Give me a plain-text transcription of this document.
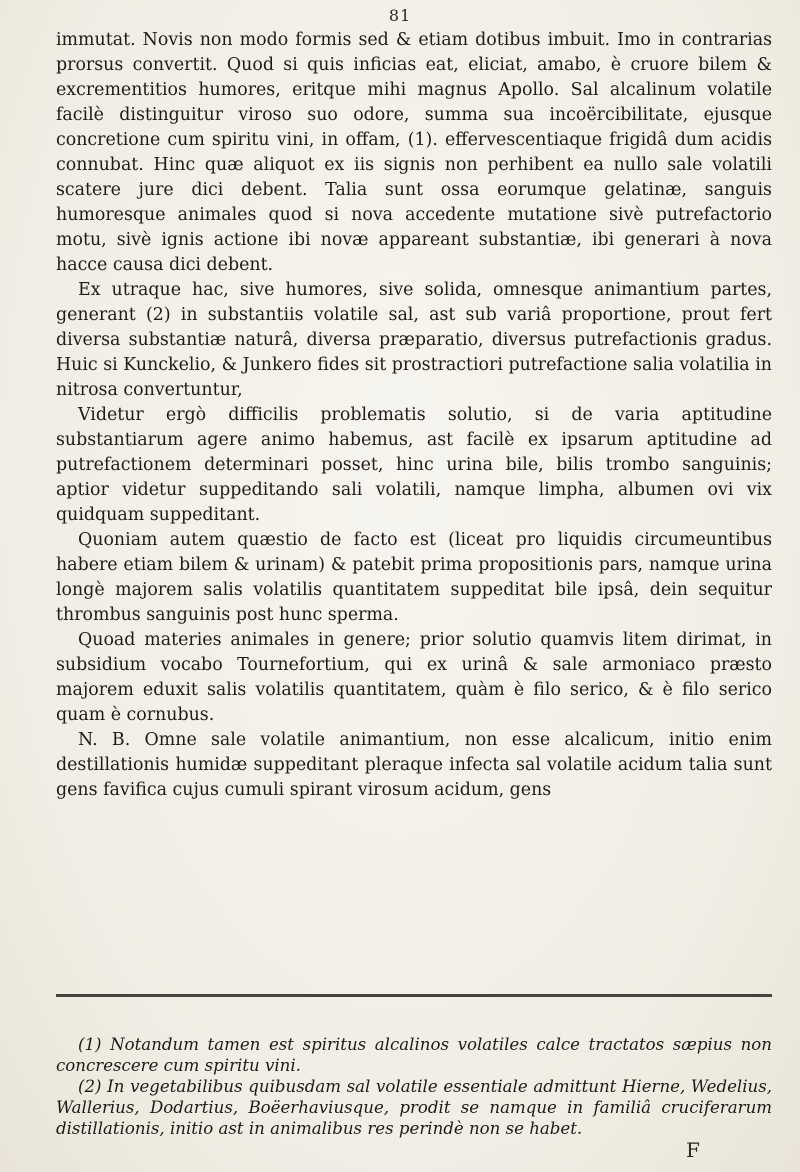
81

immutat. Novis non modo formis sed & etiam dotibus imbuit. Imo in contrarias prorsus convertit. Quod si quis inficias eat, eliciat, amabo, è cruore bilem & excrementitios humores, eritque mihi magnus Apollo. Sal alcalinum volatile facilè distinguitur viroso suo odore, summa sua incoërcibilitate, ejusque concretione cum spiritu vini, in offam, (1). effervescentiaque frigidâ dum acidis connubat. Hinc quæ aliquot ex iis signis non perhibent ea nullo sale volatili scatere jure dici debent. Talia sunt ossa eorumque gelatinæ, sanguis humoresque animales quod si nova accedente mutatione sivè putrefactorio motu, sivè ignis actione ibi novæ appareant substantiæ, ibi generari à nova hacce causa dici debent.

Ex utraque hac, sive humores, sive solida, omnesque animantium partes, generant (2) in substantiis volatile sal, ast sub variâ proportione, prout fert diversa substantiæ naturâ, diversa præparatio, diversus putrefactionis gradus. Huic si Kunckelio, & Junkero fides sit prostractiori putrefactione salia volatilia in nitrosa convertuntur,

Videtur ergò difficilis problematis solutio, si de varia aptitudine substantiarum agere animo habemus, ast facilè ex ipsarum aptitudine ad putrefactionem determinari posset, hinc urina bile, bilis trombo sanguinis; aptior videtur suppeditando sali volatili, namque limpha, albumen ovi vix quidquam suppeditant.

Quoniam autem quæstio de facto est (liceat pro liquidis circumeuntibus habere etiam bilem & urinam) & patebit prima propositionis pars, namque urina longè majorem salis volatilis quantitatem suppeditat bile ipsâ, dein sequitur thrombus sanguinis post hunc sperma.

Quoad materies animales in genere; prior solutio quamvis litem dirimat, in subsidium vocabo Tournefortium, qui ex urinâ & sale armoniaco præsto majorem eduxit salis volatilis quantitatem, quàm è filo serico, & è filo serico quam è cornubus.

N. B. Omne sale volatile animantium, non esse alcalicum, initio enim destillationis humidæ suppeditant pleraque infecta sal volatile acidum talia sunt gens favifica cujus cumuli spirant virosum acidum, gens

(1) Notandum tamen est spiritus alcalinos volatiles calce tractatos sæpius non concrescere cum spiritu vini.

(2) In vegetabilibus quibusdam sal volatile essentiale admittunt Hierne, Wedelius, Wallerius, Dodartius, Boëerhaviusque, prodit se namque in familiâ cruciferarum distillationis, initio ast in animalibus res perindè non se habet.

F
